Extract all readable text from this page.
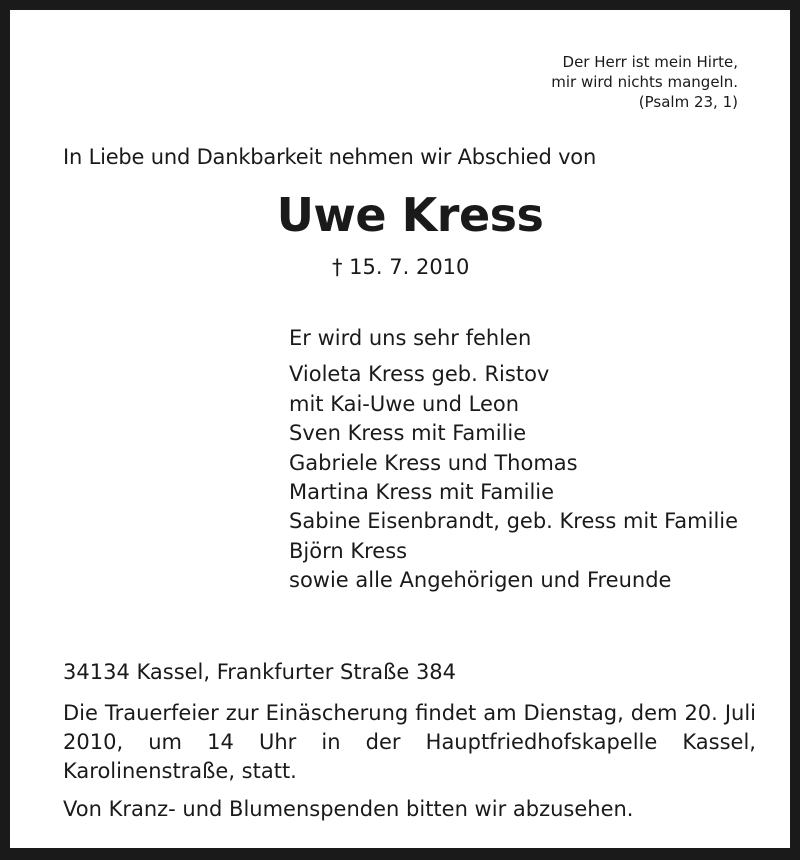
Der Herr ist mein Hirte,
mir wird nichts mangeln.
(Psalm 23, 1)
In Liebe und Dankbarkeit nehmen wir Abschied von
Uwe Kress
† 15. 7. 2010
Er wird uns sehr fehlen
Violeta Kress geb. Ristov
mit Kai-Uwe und Leon
Sven Kress mit Familie
Gabriele Kress und Thomas
Martina Kress mit Familie
Sabine Eisenbrandt, geb. Kress mit Familie
Björn Kress
sowie alle Angehörigen und Freunde
34134 Kassel, Frankfurter Straße 384
Die Trauerfeier zur Einäscherung findet am Dienstag, dem 20. Juli 2010, um 14 Uhr in der Hauptfriedhofskapelle Kassel, Karolinenstraße, statt.
Von Kranz- und Blumenspenden bitten wir abzusehen.
